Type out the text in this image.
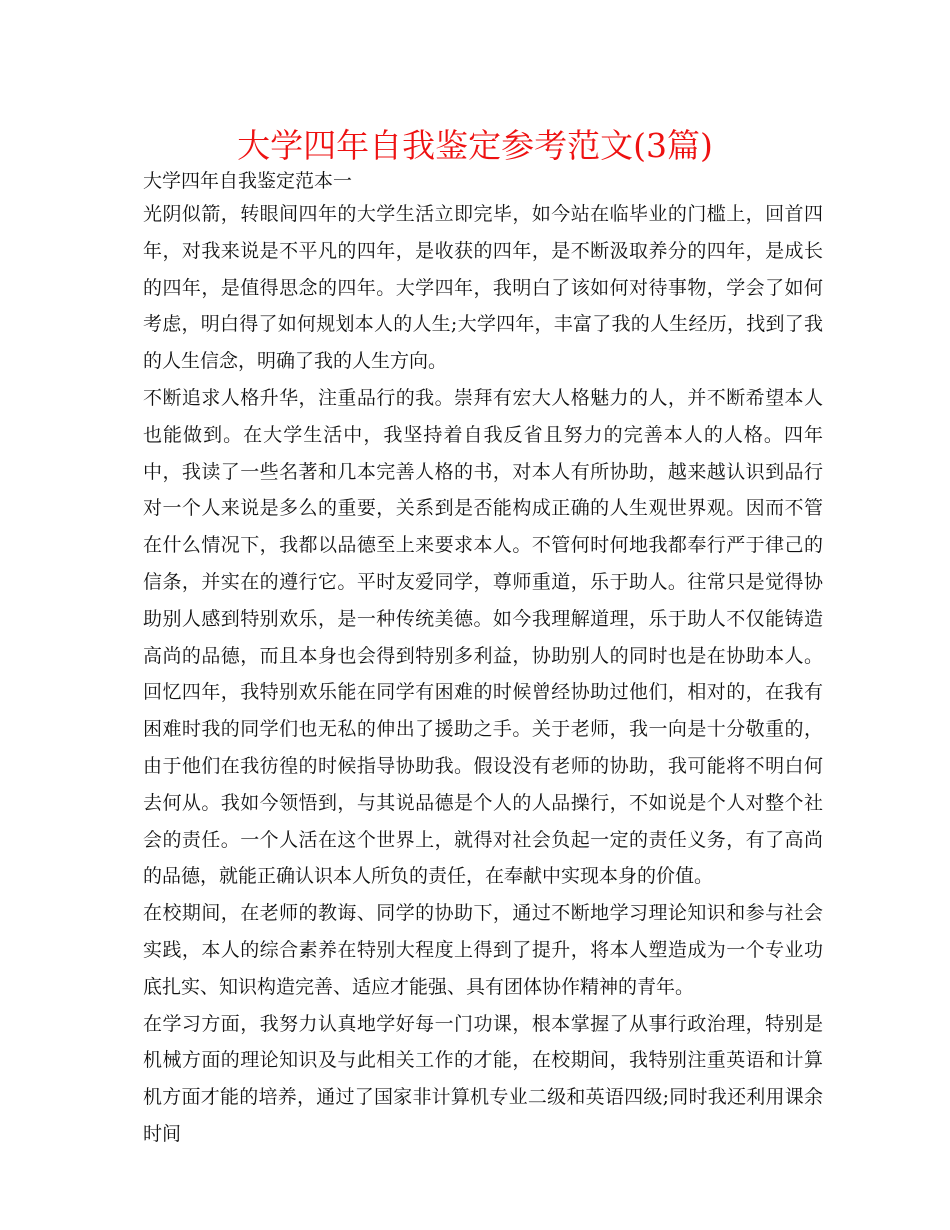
大学四年自我鉴定参考范文(3篇)

大学四年自我鉴定范本一

光阴似箭，转眼间四年的大学生活立即完毕，如今站在临毕业的门槛上，回首四年，对我来说是不平凡的四年，是收获的四年，是不断汲取养分的四年，是成长的四年，是值得思念的四年。大学四年，我明白了该如何对待事物，学会了如何考虑，明白得了如何规划本人的人生;大学四年，丰富了我的人生经历，找到了我的人生信念，明确了我的人生方向。

不断追求人格升华，注重品行的我。崇拜有宏大人格魅力的人，并不断希望本人也能做到。在大学生活中，我坚持着自我反省且努力的完善本人的人格。四年中，我读了一些名著和几本完善人格的书，对本人有所协助，越来越认识到品行对一个人来说是多么的重要，关系到是否能构成正确的人生观世界观。因而不管在什么情况下，我都以品德至上来要求本人。不管何时何地我都奉行严于律己的信条，并实在的遵行它。平时友爱同学，尊师重道，乐于助人。往常只是觉得协助别人感到特别欢乐，是一种传统美德。如今我理解道理，乐于助人不仅能铸造高尚的品德，而且本身也会得到特别多利益，协助别人的同时也是在协助本人。回忆四年，我特别欢乐能在同学有困难的时候曾经协助过他们，相对的，在我有困难时我的同学们也无私的伸出了援助之手。关于老师，我一向是十分敬重的，由于他们在我彷徨的时候指导协助我。假设没有老师的协助，我可能将不明白何去何从。我如今领悟到，与其说品德是个人的人品操行，不如说是个人对整个社会的责任。一个人活在这个世界上，就得对社会负起一定的责任义务，有了高尚的品德，就能正确认识本人所负的责任，在奉献中实现本身的价值。

在校期间，在老师的教诲、同学的协助下，通过不断地学习理论知识和参与社会实践，本人的综合素养在特别大程度上得到了提升，将本人塑造成为一个专业功底扎实、知识构造完善、适应才能强、具有团体协作精神的青年。

在学习方面，我努力认真地学好每一门功课，根本掌握了从事行政治理，特别是机械方面的理论知识及与此相关工作的才能，在校期间，我特别注重英语和计算机方面才能的培养，通过了国家非计算机专业二级和英语四级;同时我还利用课余时间
